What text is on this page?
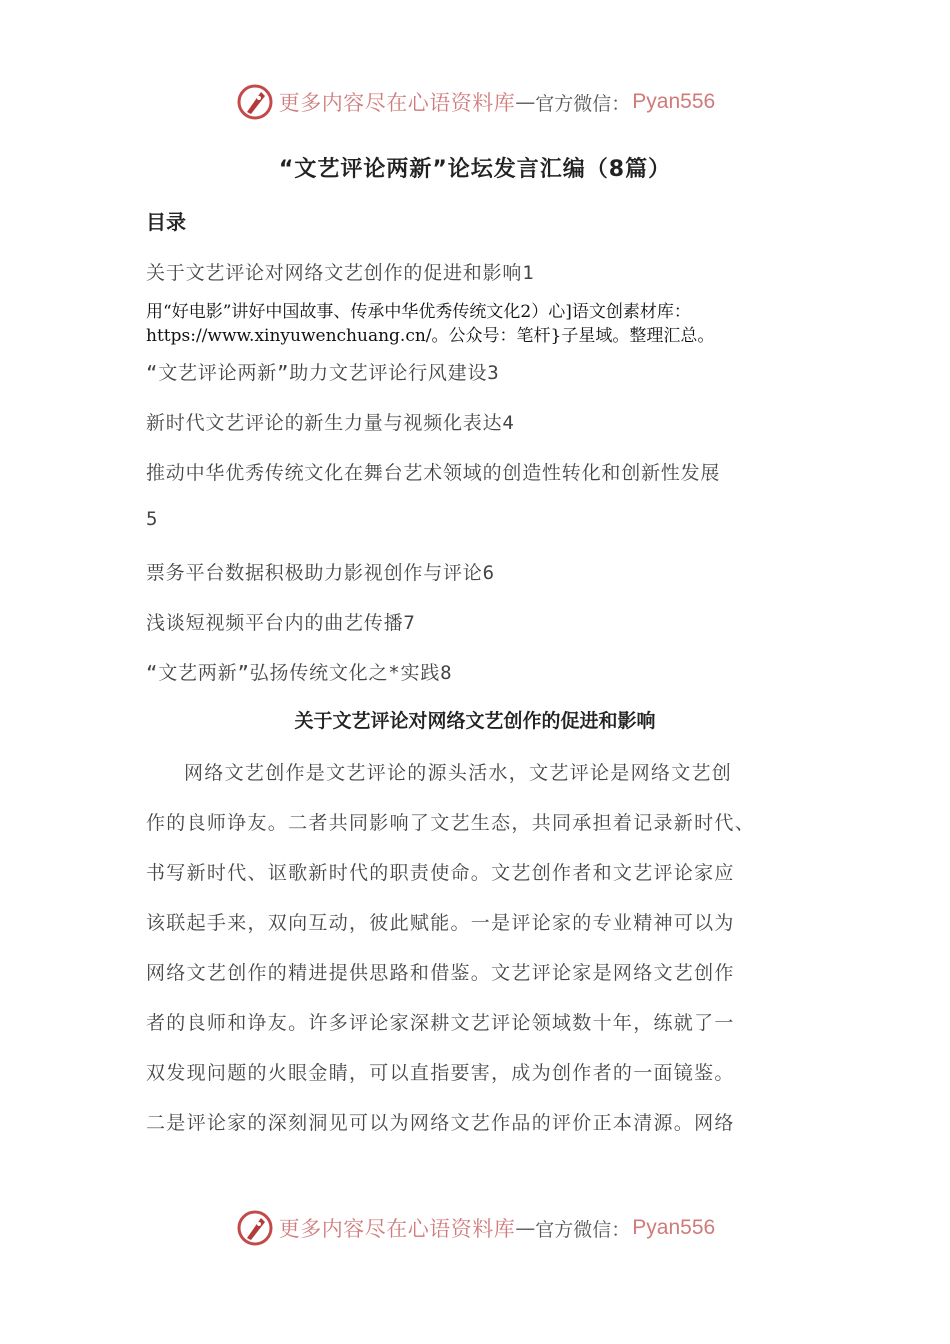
更多内容尽在心语资料库 — 官方微信： Pyan556
“文艺评论两新”论坛发言汇编（8篇）
目录
关于文艺评论对网络文艺创作的促进和影响1
用“好电影”讲好中国故事、传承中华优秀传统文化2）心]语文创素材库：
https://www.xinyuwenchuang.cn/。公众号：笔杆}子星域。整理汇总。
“文艺评论两新”助力文艺评论行风建设3
新时代文艺评论的新生力量与视频化表达4
推动中华优秀传统文化在舞台艺术领域的创造性转化和创新性发展
5
票务平台数据积极助力影视创作与评论6
浅谈短视频平台内的曲艺传播7
“文艺两新”弘扬传统文化之*实践8
关于文艺评论对网络文艺创作的促进和影响
网络文艺创作是文艺评论的源头活水，文艺评论是网络文艺创
作的良师诤友。二者共同影响了文艺生态，共同承担着记录新时代、
书写新时代、讴歌新时代的职责使命。文艺创作者和文艺评论家应
该联起手来，双向互动，彼此赋能。一是评论家的专业精神可以为
网络文艺创作的精进提供思路和借鉴。文艺评论家是网络文艺创作
者的良师和诤友。许多评论家深耕文艺评论领域数十年，练就了一
双发现问题的火眼金睛，可以直指要害，成为创作者的一面镜鉴。
二是评论家的深刻洞见可以为网络文艺作品的评价正本清源。网络
更多内容尽在心语资料库 — 官方微信： Pyan556
